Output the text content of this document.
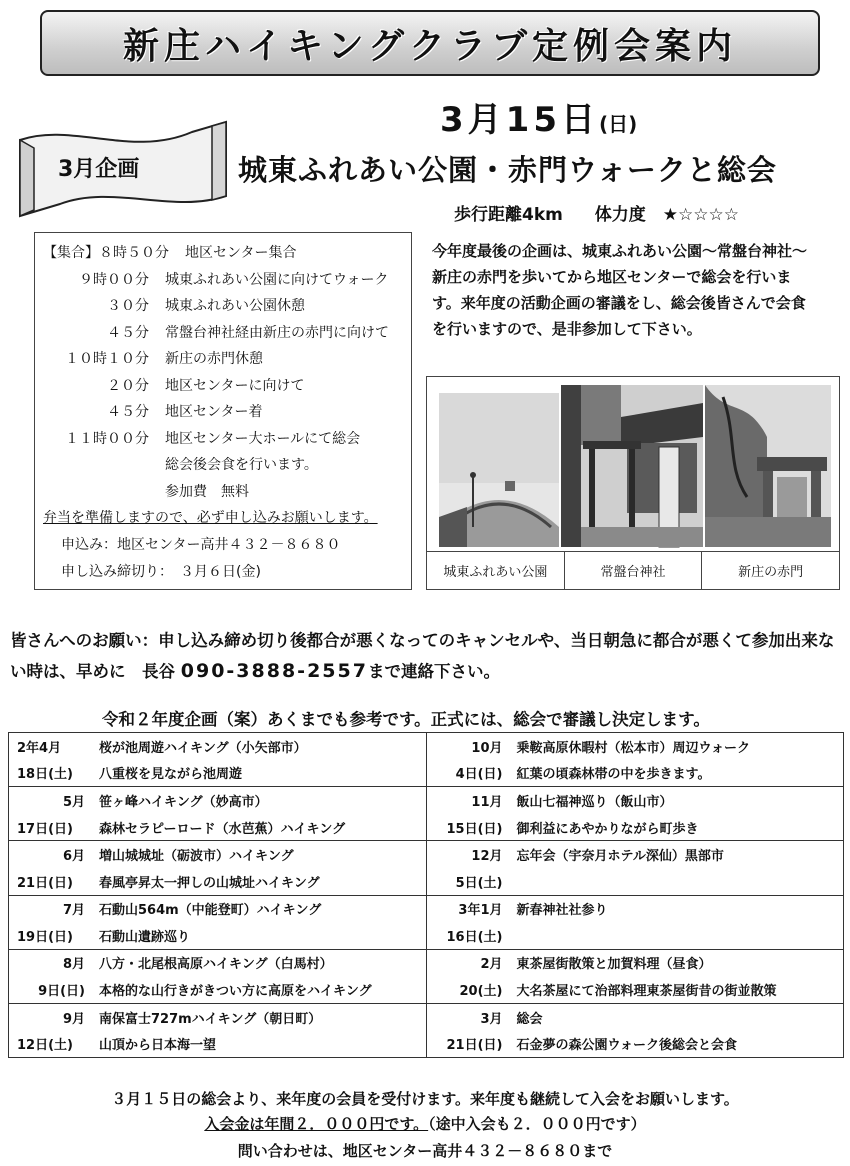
新庄ハイキングクラブ定例会案内
3月15日(日)
3月企画	城東ふれあい公園・赤門ウォークと総会
歩行距離4km 体力度　★☆☆☆☆
【集合】８時５０分 地区センター集合
９時００分 城東ふれあい公園に向けてウォーク
３０分 城東ふれあい公園休憩
４５分 常盤台神社経由新庄の赤門に向けて
１０時１０分 新庄の赤門休憩
２０分 地区センターに向けて
４５分 地区センター着
１１時００分 地区センター大ホールにて総会
総会後会食を行います。
参加費　無料
弁当を準備しますので、必ず申し込みお願いします。
申込み：地区センター高井４３２－８６８０
申し込み締切り：　３月６日(金)
今年度最後の企画は、城東ふれあい公園～常盤台神社～新庄の赤門を歩いてから地区センターで総会を行います。来年度の活動企画の審議をし、総会後皆さんで会食を行いますので、是非参加して下さい。
城東ふれあい公園	常盤台神社	新庄の赤門
皆さんへのお願い：申し込み締め切り後都合が悪くなってのキャンセルや、当日朝急に都合が悪くて参加出来ない時は、早めに　長谷 090-3888-2557まで連絡下さい。
令和２年度企画（案）あくまでも参考です。正式には、総会で審議し決定します。
2年4月	桜が池周遊ハイキング（小矢部市）
18日(土)	八重桜を見ながら池周遊
5月 笹ヶ峰ハイキング（妙高市）
17日(日)	森林セラピーロード（水芭蕉）ハイキング
6月 増山城城址（砺波市）ハイキング
21日(日)	春風亭昇太一押しの山城址ハイキング
7月 石動山564m（中能登町）ハイキング
19日(日)	石動山遺跡巡り
8月 八方・北尾根高原ハイキング（白馬村）
9日(日) 本格的な山行きがきつい方に高原をハイキング
9月 南保富士727mハイキング（朝日町）
12日(土)	山頂から日本海一望
10月 乗鞍高原休暇村（松本市）周辺ウォーク
4日(日) 紅葉の頃森林帯の中を歩きます。
11月 飯山七福神巡り（飯山市）
15日(日) 御利益にあやかりながら町歩き
12月 忘年会（宇奈月ホテル深仙）黒部市
5日(土)
3年1月 新春神社社参り
16日(土)
2月 東茶屋街散策と加賀料理（昼食）
20(土) 大名茶屋にて治部料理東茶屋街昔の街並散策
3月 総会
21日(日) 石金夢の森公園ウォーク後総会と会食
３月１５日の総会より、来年度の会員を受付けます。来年度も継続して入会をお願いします。
入会金は年間２．０００円です。（途中入会も２．０００円です）
問い合わせは、地区センター高井４３２－８６８０まで
